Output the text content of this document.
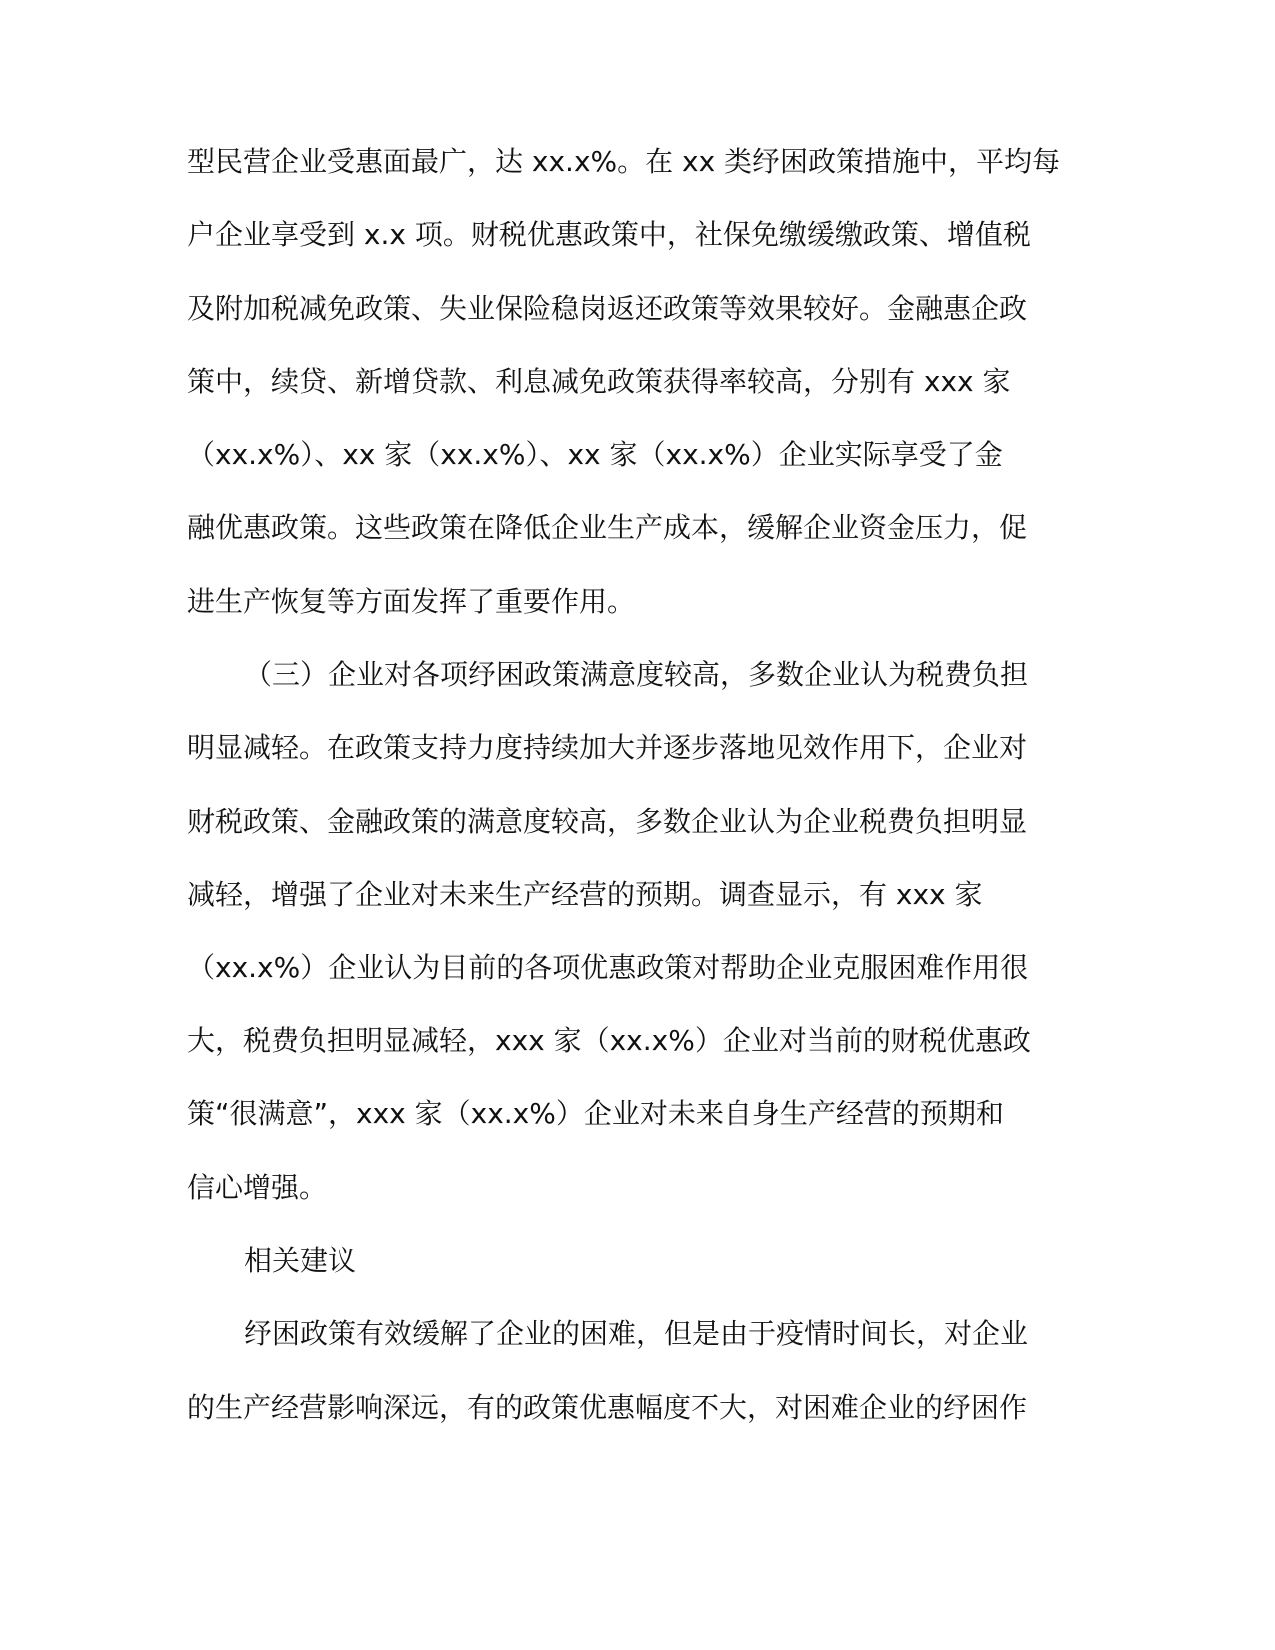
型民营企业受惠面最广，达 xx.x%。在 xx 类纾困政策措施中，平均每

户企业享受到 x.x 项。财税优惠政策中，社保免缴缓缴政策、增值税

及附加税减免政策、失业保险稳岗返还政策等效果较好。金融惠企政

策中，续贷、新增贷款、利息减免政策获得率较高，分别有 xxx 家

（xx.x%）、xx 家（xx.x%）、xx 家（xx.x%）企业实际享受了金

融优惠政策。这些政策在降低企业生产成本，缓解企业资金压力，促

进生产恢复等方面发挥了重要作用。

（三）企业对各项纾困政策满意度较高，多数企业认为税费负担

明显减轻。在政策支持力度持续加大并逐步落地见效作用下，企业对

财税政策、金融政策的满意度较高，多数企业认为企业税费负担明显

减轻，增强了企业对未来生产经营的预期。调查显示，有 xxx 家

（xx.x%）企业认为目前的各项优惠政策对帮助企业克服困难作用很

大，税费负担明显减轻，xxx 家（xx.x%）企业对当前的财税优惠政

策“很满意”，xxx 家（xx.x%）企业对未来自身生产经营的预期和

信心增强。

相关建议

纾困政策有效缓解了企业的困难，但是由于疫情时间长，对企业

的生产经营影响深远，有的政策优惠幅度不大，对困难企业的纾困作
